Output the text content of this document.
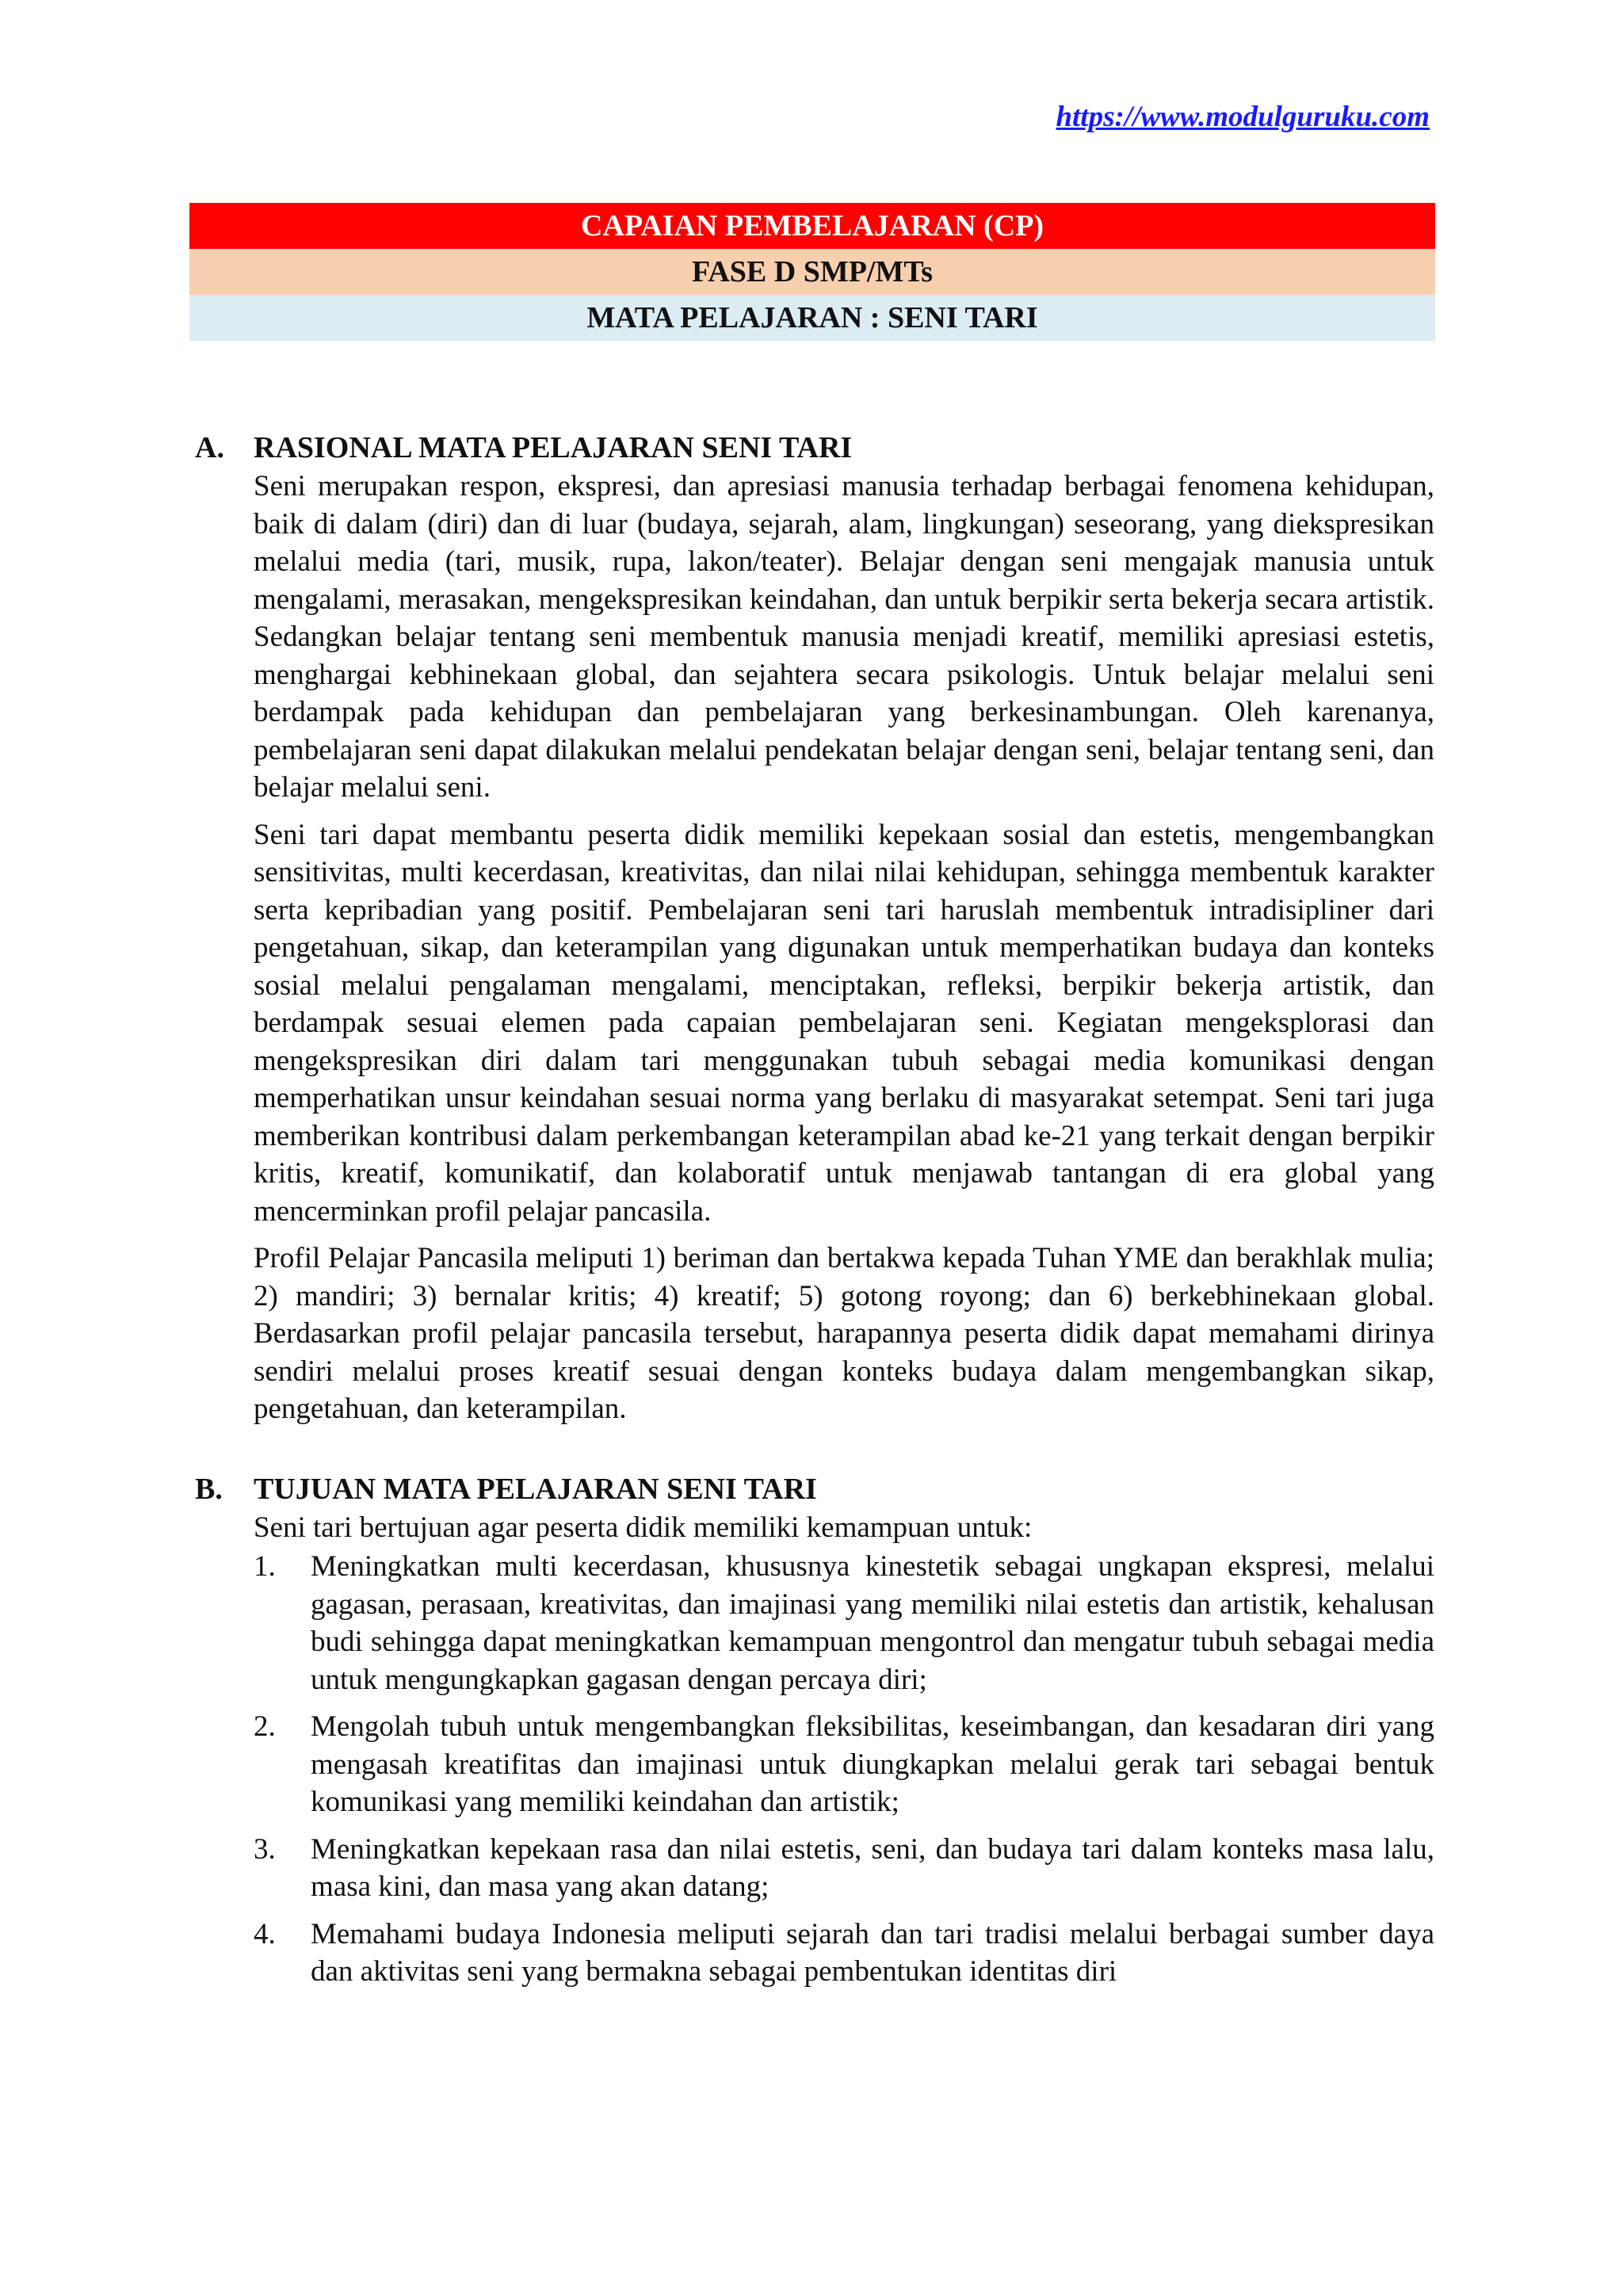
https://www.modulguruku.com
CAPAIAN PEMBELAJARAN (CP)
FASE D SMP/MTs
MATA PELAJARAN : SENI TARI
A. RASIONAL MATA PELAJARAN SENI TARI

Seni merupakan respon, ekspresi, dan apresiasi manusia terhadap berbagai fenomena kehidupan, baik di dalam (diri) dan di luar (budaya, sejarah, alam, lingkungan) seseorang, yang diekspresikan melalui media (tari, musik, rupa, lakon/teater). Belajar dengan seni mengajak manusia untuk mengalami, merasakan, mengekspresikan keindahan, dan untuk berpikir serta bekerja secara artistik. Sedangkan belajar tentang seni membentuk manusia menjadi kreatif, memiliki apresiasi estetis, menghargai kebhinekaan global, dan sejahtera secara psikologis. Untuk belajar melalui seni berdampak pada kehidupan dan pembelajaran yang berkesinambungan. Oleh karenanya, pembelajaran seni dapat dilakukan melalui pendekatan belajar dengan seni, belajar tentang seni, dan belajar melalui seni.

Seni tari dapat membantu peserta didik memiliki kepekaan sosial dan estetis, mengembangkan sensitivitas, multi kecerdasan, kreativitas, dan nilai nilai kehidupan, sehingga membentuk karakter serta kepribadian yang positif. Pembelajaran seni tari haruslah membentuk intradisipliner dari pengetahuan, sikap, dan keterampilan yang digunakan untuk memperhatikan budaya dan konteks sosial melalui pengalaman mengalami, menciptakan, refleksi, berpikir bekerja artistik, dan berdampak sesuai elemen pada capaian pembelajaran seni. Kegiatan mengeksplorasi dan mengekspresikan diri dalam tari menggunakan tubuh sebagai media komunikasi dengan memperhatikan unsur keindahan sesuai norma yang berlaku di masyarakat setempat. Seni tari juga memberikan kontribusi dalam perkembangan keterampilan abad ke-21 yang terkait dengan berpikir kritis, kreatif, komunikatif, dan kolaboratif untuk menjawab tantangan di era global yang mencerminkan profil pelajar pancasila.

Profil Pelajar Pancasila meliputi 1) beriman dan bertakwa kepada Tuhan YME dan berakhlak mulia; 2) mandiri; 3) bernalar kritis; 4) kreatif; 5) gotong royong; dan 6) berkebhinekaan global. Berdasarkan profil pelajar pancasila tersebut, harapannya peserta didik dapat memahami dirinya sendiri melalui proses kreatif sesuai dengan konteks budaya dalam mengembangkan sikap, pengetahuan, dan keterampilan.

B.	TUJUAN MATA PELAJARAN SENI TARI

Seni tari bertujuan agar peserta didik memiliki kemampuan untuk:

1.	Meningkatkan multi kecerdasan, khususnya kinestetik sebagai ungkapan ekspresi, melalui gagasan, perasaan, kreativitas, dan imajinasi yang memiliki nilai estetis dan artistik, kehalusan budi sehingga dapat meningkatkan kemampuan mengontrol dan mengatur tubuh sebagai media untuk mengungkapkan gagasan dengan percaya diri;
2.	Mengolah tubuh untuk mengembangkan fleksibilitas, keseimbangan, dan kesadaran diri yang mengasah kreatifitas dan imajinasi untuk diungkapkan melalui gerak tari sebagai bentuk komunikasi yang memiliki keindahan dan artistik;
3.	Meningkatkan kepekaan rasa dan nilai estetis, seni, dan budaya tari dalam konteks masa lalu, masa kini, dan masa yang akan datang;
4.	Memahami budaya Indonesia meliputi sejarah dan tari tradisi melalui berbagai sumber daya dan aktivitas seni yang bermakna sebagai pembentukan identitas diri
